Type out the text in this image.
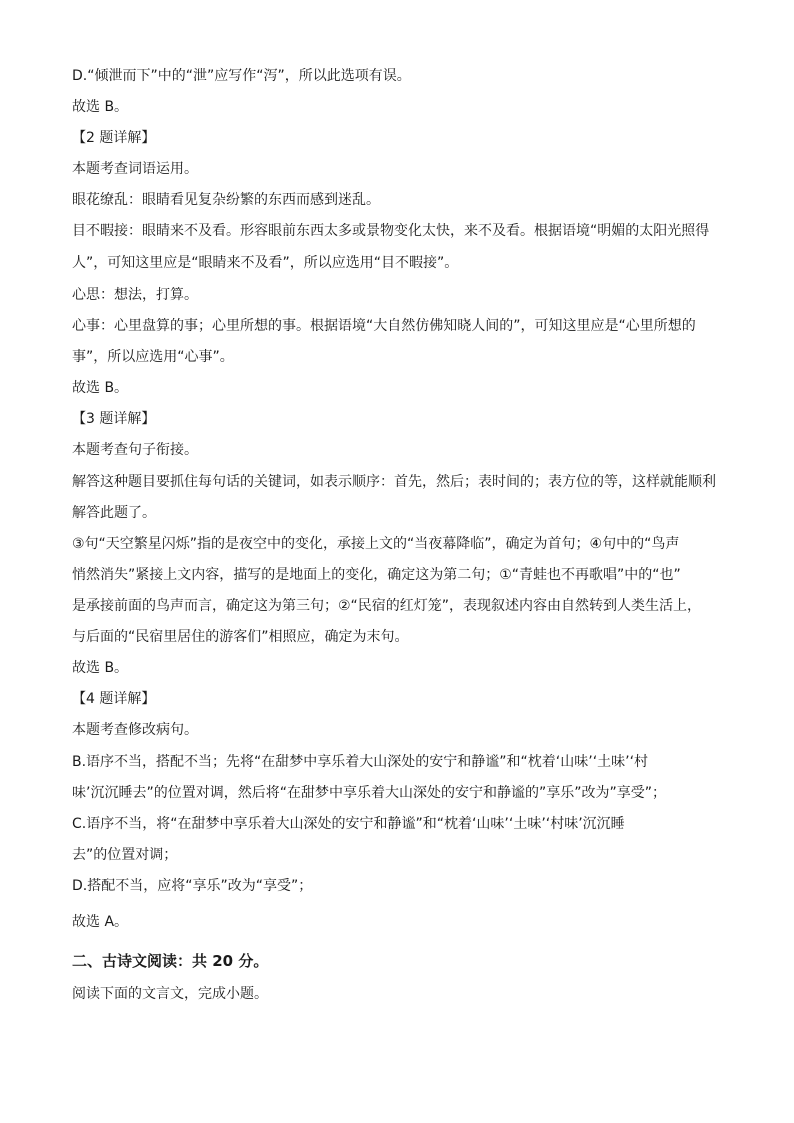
D.“倾泄而下”中的“泄”应写作“泻”，所以此选项有误。
故选 B。
【2 题详解】
本题考查词语运用。
眼花缭乱：眼睛看见复杂纷繁的东西而感到迷乱。
目不暇接：眼睛来不及看。形容眼前东西太多或景物变化太快，来不及看。根据语境“明媚的太阳光照得
人”，可知这里应是“眼睛来不及看”，所以应选用“目不暇接”。
心思：想法，打算。
心事：心里盘算的事；心里所想的事。根据语境“大自然仿佛知晓人间的”，可知这里应是“心里所想的
事”，所以应选用“心事”。
故选 B。
【3 题详解】
本题考查句子衔接。
解答这种题目要抓住每句话的关键词，如表示顺序：首先，然后；表时间的；表方位的等，这样就能顺利
解答此题了。
③句“天空繁星闪烁”指的是夜空中的变化，承接上文的“当夜幕降临”，确定为首句；④句中的“鸟声
悄然消失”紧接上文内容，描写的是地面上的变化，确定这为第二句；①“青蛙也不再歌唱”中的“也”
是承接前面的鸟声而言，确定这为第三句；②“民宿的红灯笼”，表现叙述内容由自然转到人类生活上，
与后面的“民宿里居住的游客们”相照应，确定为末句。
故选 B。
【4 题详解】
本题考查修改病句。
B.语序不当，搭配不当；先将“在甜梦中享乐着大山深处的安宁和静谧”和“枕着‘山味’‘土味’‘村
味’沉沉睡去”的位置对调，然后将“在甜梦中享乐着大山深处的安宁和静谧的”享乐”改为”享受”；
C.语序不当，将“在甜梦中享乐着大山深处的安宁和静谧”和“枕着‘山味’‘土味’‘村味’沉沉睡
去”的位置对调；
D.搭配不当，应将“享乐”改为“享受”；
故选 A。
二、古诗文阅读：共 20 分。
阅读下面的文言文，完成小题。
